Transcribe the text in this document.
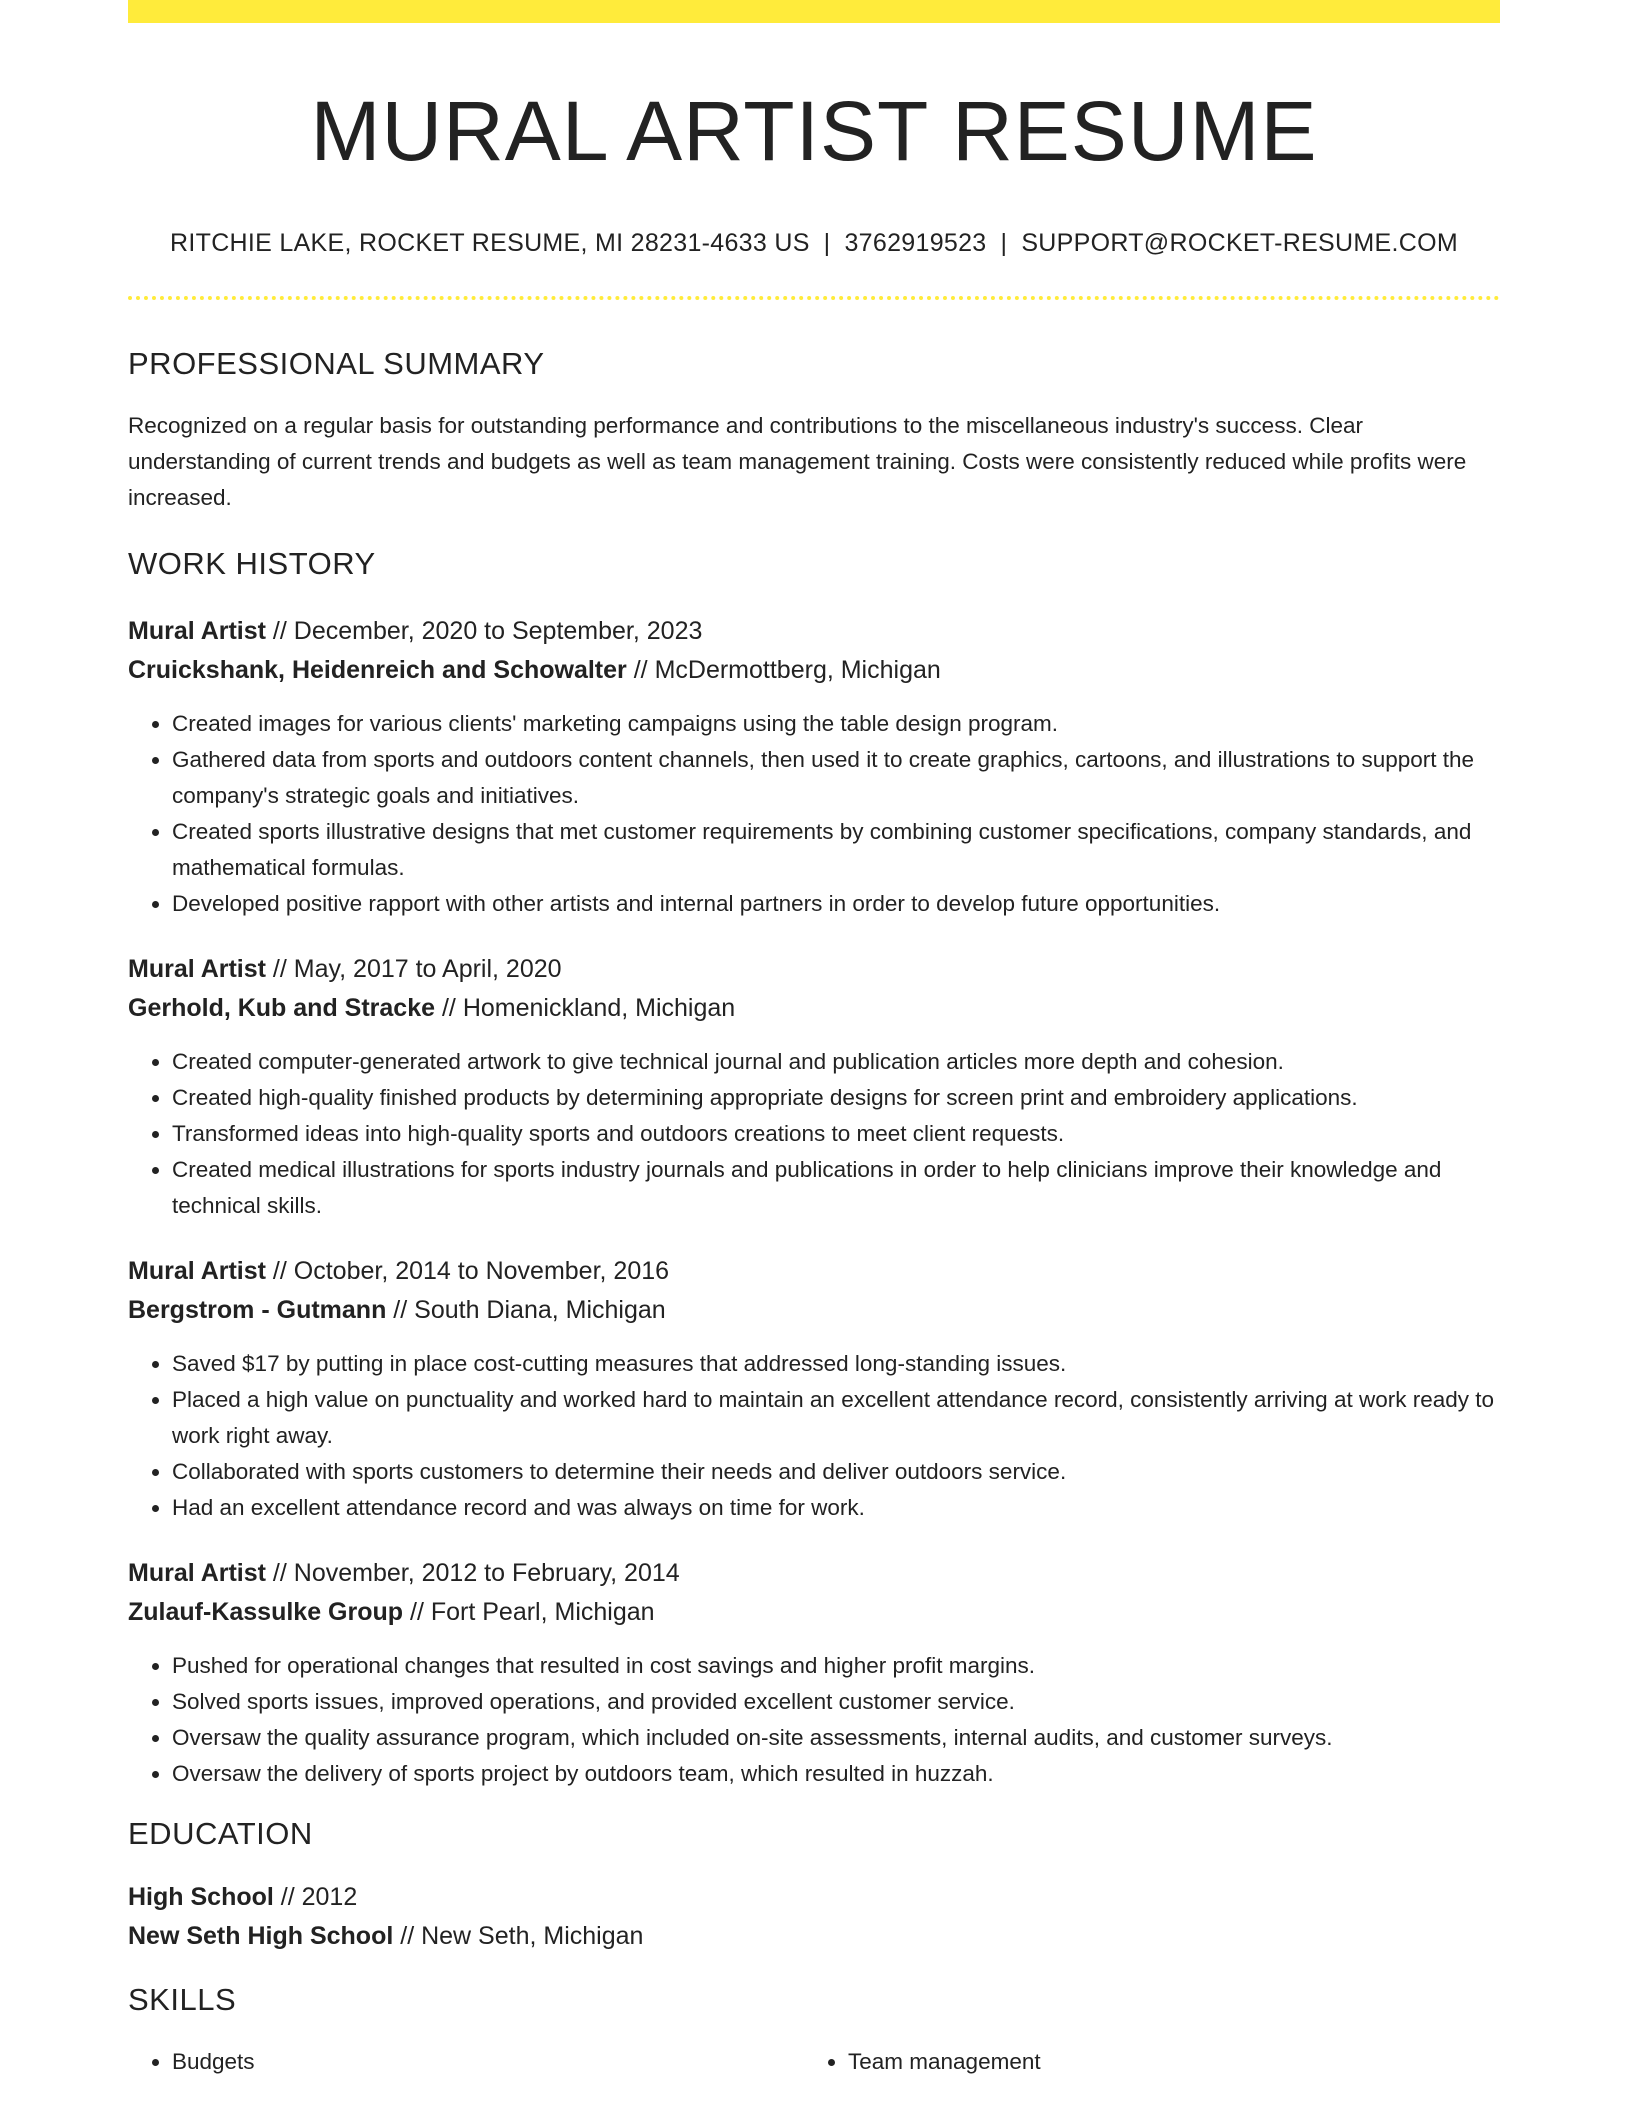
MURAL ARTIST RESUME
RITCHIE LAKE, ROCKET RESUME, MI 28231-4633 US | 3762919523 | SUPPORT@ROCKET-RESUME.COM
PROFESSIONAL SUMMARY
Recognized on a regular basis for outstanding performance and contributions to the miscellaneous industry's success. Clear understanding of current trends and budgets as well as team management training. Costs were consistently reduced while profits were increased.
WORK HISTORY
Mural Artist // December, 2020 to September, 2023
Cruickshank, Heidenreich and Schowalter // McDermottberg, Michigan
• Created images for various clients' marketing campaigns using the table design program.
• Gathered data from sports and outdoors content channels, then used it to create graphics, cartoons, and illustrations to support the company's strategic goals and initiatives.
• Created sports illustrative designs that met customer requirements by combining customer specifications, company standards, and mathematical formulas.
• Developed positive rapport with other artists and internal partners in order to develop future opportunities.
Mural Artist // May, 2017 to April, 2020
Gerhold, Kub and Stracke // Homenickland, Michigan
• Created computer-generated artwork to give technical journal and publication articles more depth and cohesion.
• Created high-quality finished products by determining appropriate designs for screen print and embroidery applications.
• Transformed ideas into high-quality sports and outdoors creations to meet client requests.
• Created medical illustrations for sports industry journals and publications in order to help clinicians improve their knowledge and technical skills.
Mural Artist // October, 2014 to November, 2016
Bergstrom - Gutmann // South Diana, Michigan
• Saved $17 by putting in place cost-cutting measures that addressed long-standing issues.
• Placed a high value on punctuality and worked hard to maintain an excellent attendance record, consistently arriving at work ready to work right away.
• Collaborated with sports customers to determine their needs and deliver outdoors service.
• Had an excellent attendance record and was always on time for work.
Mural Artist // November, 2012 to February, 2014
Zulauf-Kassulke Group // Fort Pearl, Michigan
• Pushed for operational changes that resulted in cost savings and higher profit margins.
• Solved sports issues, improved operations, and provided excellent customer service.
• Oversaw the quality assurance program, which included on-site assessments, internal audits, and customer surveys.
• Oversaw the delivery of sports project by outdoors team, which resulted in huzzah.
EDUCATION
High School // 2012
New Seth High School // New Seth, Michigan
SKILLS
• Budgets
•	Team management
